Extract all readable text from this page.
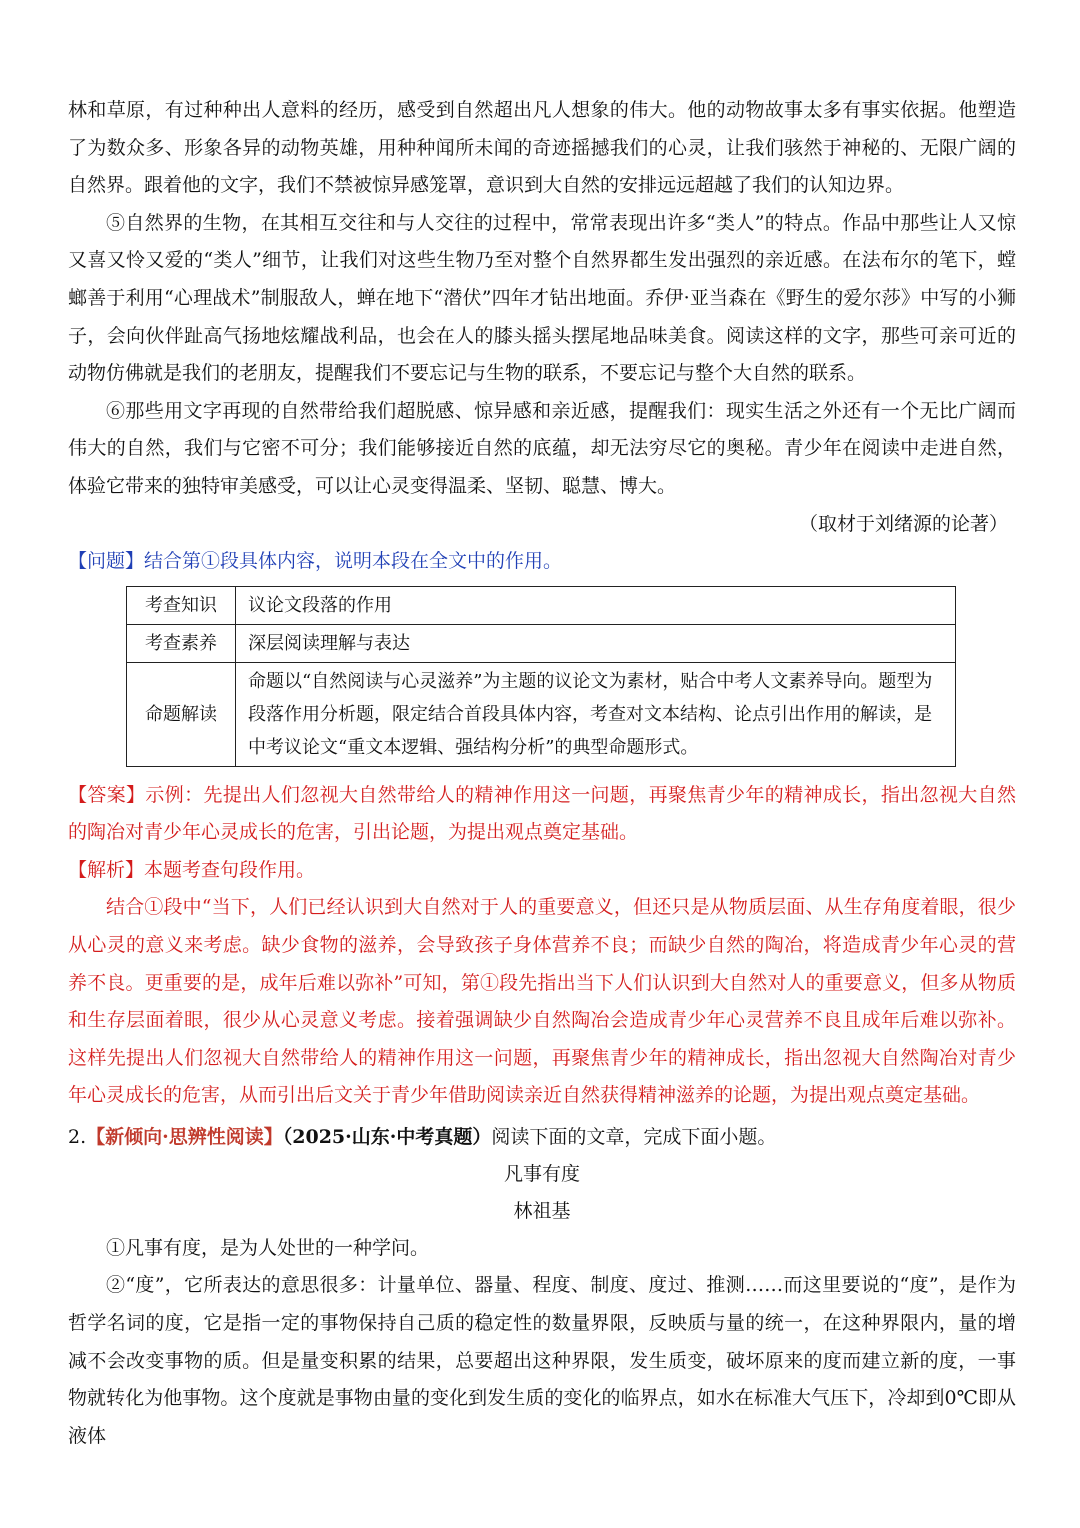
林和草原，有过种种出人意料的经历，感受到自然超出凡人想象的伟大。他的动物故事大多有事实依据。他塑造了为数众多、形象各异的动物英雄，用种种闻所未闻的奇迹摇撼我们的心灵，让我们骇然于神秘的、无限广阔的自然界。跟着他的文字，我们不禁被惊异感笼罩，意识到大自然的安排远远超越了我们的认知边界。

⑤自然界的生物，在其相互交往和与人交往的过程中，常常表现出许多“类人”的特点。作品中那些让人又惊又喜又怜又爱的“类人”细节，让我们对这些生物乃至对整个自然界都生发出强烈的亲近感。在法布尔的笔下，螳螂善于利用“心理战术”制服敌人，蝉在地下“潜伏”四年才钻出地面。乔伊·亚当森在《野生的爱尔莎》中写的小狮子，会向伙伴趾高气扬地炫耀战利品，也会在人的膝头摇头摆尾地品味美食。阅读这样的文字，那些可亲可近的动物仿佛就是我们的老朋友，提醒我们不要忘记与生物的联系，不要忘记与整个大自然的联系。

⑥那些用文字再现的自然带给我们超脱感、惊异感和亲近感，提醒我们：现实生活之外还有一个无比广阔而伟大的自然，我们与它密不可分；我们能够接近自然的底蕴，却无法穷尽它的奥秘。青少年在阅读中走进自然，体验它带来的独特审美感受，可以让心灵变得温柔、坚韧、聪慧、博大。

（取材于刘绪源的论著）

【问题】结合第①段具体内容，说明本段在全文中的作用。

考查知识	议论文段落的作用
考查素养	深层阅读理解与表达
命题解读	命题以“自然阅读与心灵滋养”为主题的议论文为素材，贴合中考人文素养导向。题型为段落作用分析题，限定结合首段具体内容，考查对文本结构、论点引出作用的解读，是中考议论文“重文本逻辑、强结构分析”的典型命题形式。

【答案】示例：先提出人们忽视大自然带给人的精神作用这一问题，再聚焦青少年的精神成长，指出忽视大自然的陶冶对青少年心灵成长的危害，引出论题，为提出观点奠定基础。

【解析】本题考查句段作用。

结合①段中“当下，人们已经认识到大自然对于人的重要意义，但还只是从物质层面、从生存角度着眼，很少从心灵的意义来考虑。缺少食物的滋养，会导致孩子身体营养不良；而缺少自然的陶冶，将造成青少年心灵的营养不良。更重要的是，成年后难以弥补”可知，第①段先指出当下人们认识到大自然对人的重要意义，但多从物质和生存层面着眼，很少从心灵意义考虑。接着强调缺少自然陶冶会造成青少年心灵营养不良且成年后难以弥补。这样先提出人们忽视大自然带给人的精神作用这一问题，再聚焦青少年的精神成长，指出忽视大自然陶冶对青少年心灵成长的危害，从而引出后文关于青少年借助阅读亲近自然获得精神滋养的论题，为提出观点奠定基础。

2.【新倾向·思辨性阅读】（2025·山东·中考真题）阅读下面的文章，完成下面小题。

凡事有度

林祖基

①凡事有度，是为人处世的一种学问。

②“度”，它所表达的意思很多：计量单位、器量、程度、制度、度过、推测……而这里要说的“度”，是作为哲学名词的度，它是指一定的事物保持自己质的稳定性的数量界限，反映质与量的统一，在这种界限内，量的增减不会改变事物的质。但是量变积累的结果，总要超出这种界限，发生质变，破坏原来的度而建立新的度，一事物就转化为他事物。这个度就是事物由量的变化到发生质的变化的临界点，如水在标准大气压下，冷却到0℃即从液体
